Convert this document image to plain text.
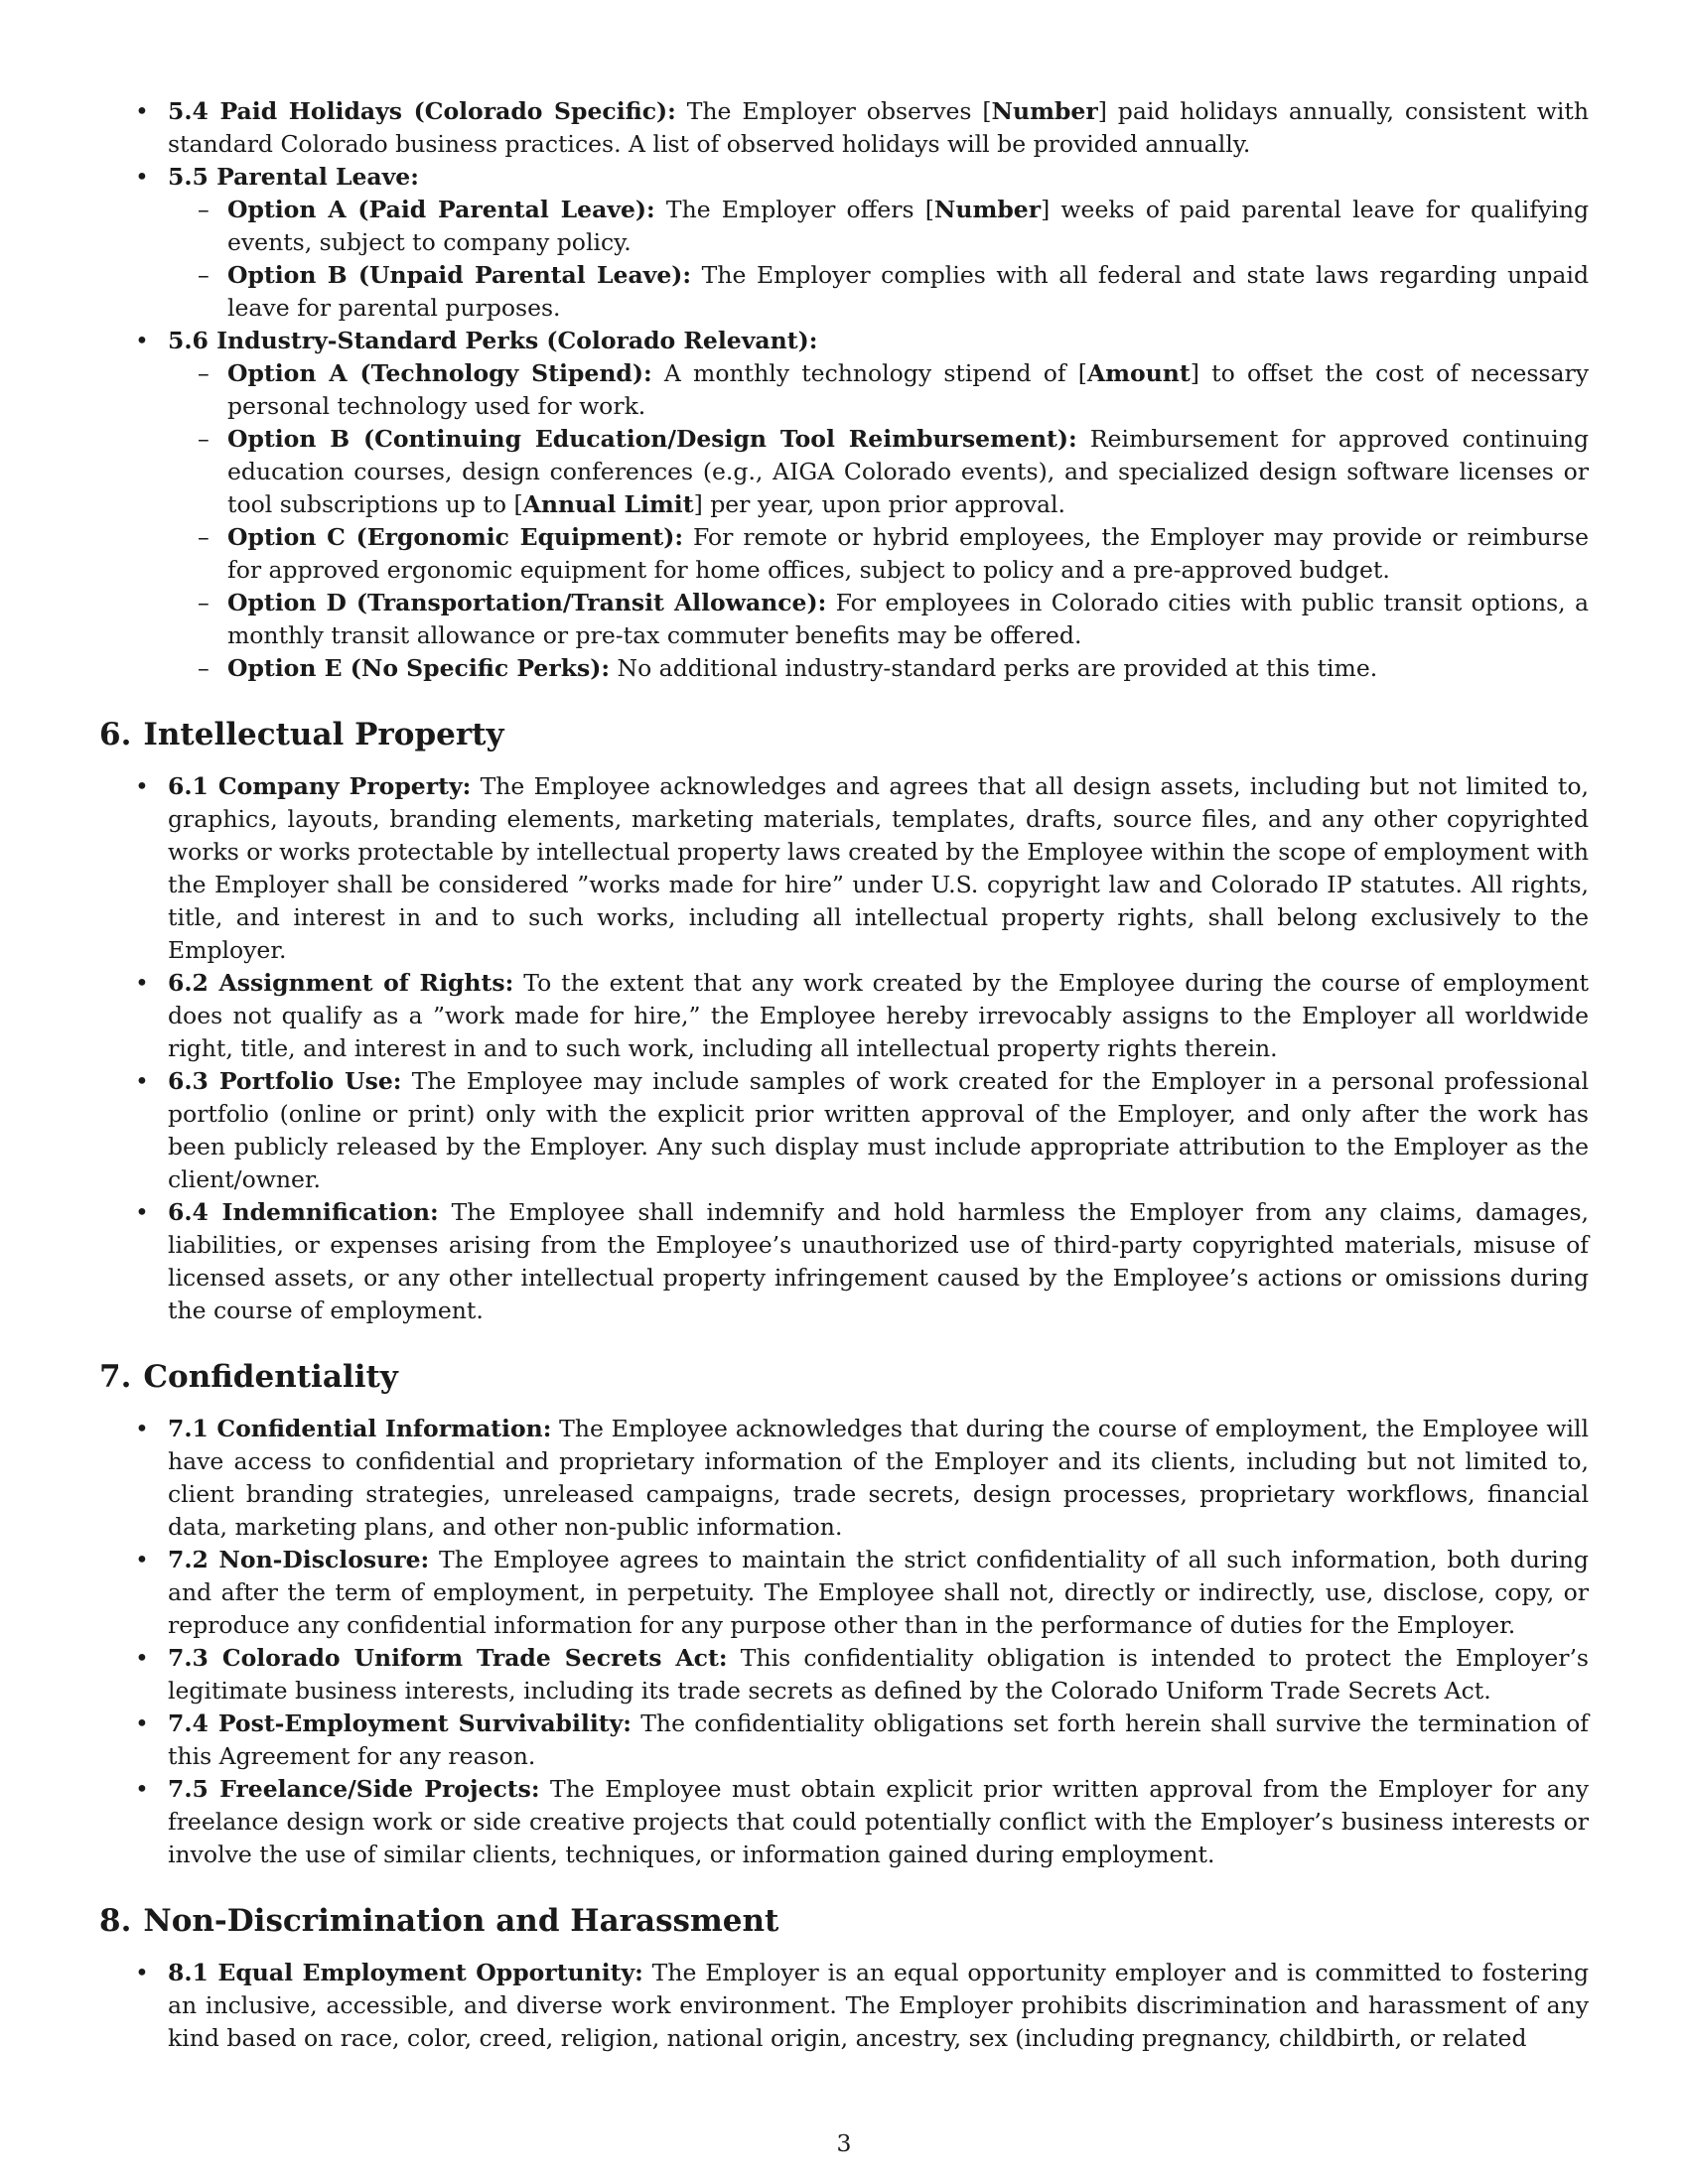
• 5.4 Paid Holidays (Colorado Specific): The Employer observes [Number] paid holidays annually, consistent with standard Colorado business practices. A list of observed holidays will be provided annually.
• 5.5 Parental Leave:
– Option A (Paid Parental Leave): The Employer offers [Number] weeks of paid parental leave for qualifying events, subject to company policy.
– Option B (Unpaid Parental Leave): The Employer complies with all federal and state laws regarding unpaid leave for parental purposes.
• 5.6 Industry-Standard Perks (Colorado Relevant):
– Option A (Technology Stipend): A monthly technology stipend of [Amount] to offset the cost of necessary personal technology used for work.
– Option B (Continuing Education/Design Tool Reimbursement): Reimbursement for approved continuing education courses, design conferences (e.g., AIGA Colorado events), and specialized design software licenses or tool subscriptions up to [Annual Limit] per year, upon prior approval.
– Option C (Ergonomic Equipment): For remote or hybrid employees, the Employer may provide or reimburse for approved ergonomic equipment for home offices, subject to policy and a pre-approved budget.
– Option D (Transportation/Transit Allowance): For employees in Colorado cities with public transit options, a monthly transit allowance or pre-tax commuter benefits may be offered.
– Option E (No Specific Perks): No additional industry-standard perks are provided at this time.
6. Intellectual Property
• 6.1 Company Property: The Employee acknowledges and agrees that all design assets, including but not limited to, graphics, layouts, branding elements, marketing materials, templates, drafts, source files, and any other copyrighted works or works protectable by intellectual property laws created by the Employee within the scope of employment with the Employer shall be considered ”works made for hire” under U.S. copyright law and Colorado IP statutes. All rights, title, and interest in and to such works, including all intellectual property rights, shall belong exclusively to the Employer.
• 6.2 Assignment of Rights: To the extent that any work created by the Employee during the course of employment does not qualify as a ”work made for hire,” the Employee hereby irrevocably assigns to the Employer all worldwide right, title, and interest in and to such work, including all intellectual property rights therein.
• 6.3 Portfolio Use: The Employee may include samples of work created for the Employer in a personal professional portfolio (online or print) only with the explicit prior written approval of the Employer, and only after the work has been publicly released by the Employer. Any such display must include appropriate attribution to the Employer as the client/owner.
• 6.4 Indemnification: The Employee shall indemnify and hold harmless the Employer from any claims, damages, liabilities, or expenses arising from the Employee’s unauthorized use of third-party copyrighted materials, misuse of licensed assets, or any other intellectual property infringement caused by the Employee’s actions or omissions during the course of employment.
7. Confidentiality
• 7.1 Confidential Information: The Employee acknowledges that during the course of employment, the Employee will have access to confidential and proprietary information of the Employer and its clients, including but not limited to, client branding strategies, unreleased campaigns, trade secrets, design processes, proprietary workflows, financial data, marketing plans, and other non-public information.
• 7.2 Non-Disclosure: The Employee agrees to maintain the strict confidentiality of all such information, both during and after the term of employment, in perpetuity. The Employee shall not, directly or indirectly, use, disclose, copy, or reproduce any confidential information for any purpose other than in the performance of duties for the Employer.
• 7.3 Colorado Uniform Trade Secrets Act: This confidentiality obligation is intended to protect the Employer’s legitimate business interests, including its trade secrets as defined by the Colorado Uniform Trade Secrets Act.
• 7.4 Post-Employment Survivability: The confidentiality obligations set forth herein shall survive the termination of this Agreement for any reason.
• 7.5 Freelance/Side Projects: The Employee must obtain explicit prior written approval from the Employer for any freelance design work or side creative projects that could potentially conflict with the Employer’s business interests or involve the use of similar clients, techniques, or information gained during employment.
8. Non-Discrimination and Harassment
• 8.1 Equal Employment Opportunity: The Employer is an equal opportunity employer and is committed to fostering an inclusive, accessible, and diverse work environment. The Employer prohibits discrimination and harassment of any kind based on race, color, creed, religion, national origin, ancestry, sex (including pregnancy, childbirth, or related
3
